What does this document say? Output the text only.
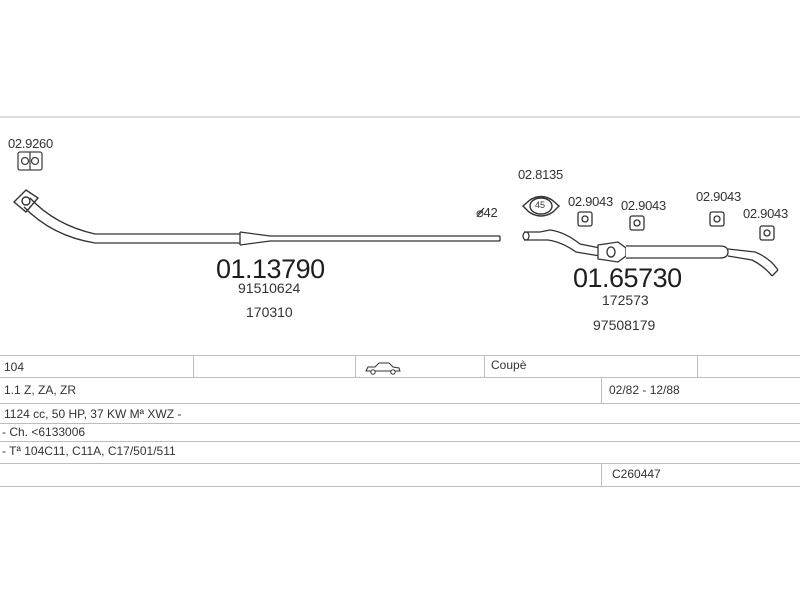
02.9260
01.13790
91510624
170310
⌀42
02.8135
45 02.9043 02.9043
02.9043
02.9043
01.65730
172573
97508179
104	Coupè
1.1 Z, ZA, ZR	02/82 - 12/88
1124 cc, 50 HP, 37 KW Mª XWZ -
- Ch. <6133006
- Tª 104C11, C11A, C17/501/511
C260447
